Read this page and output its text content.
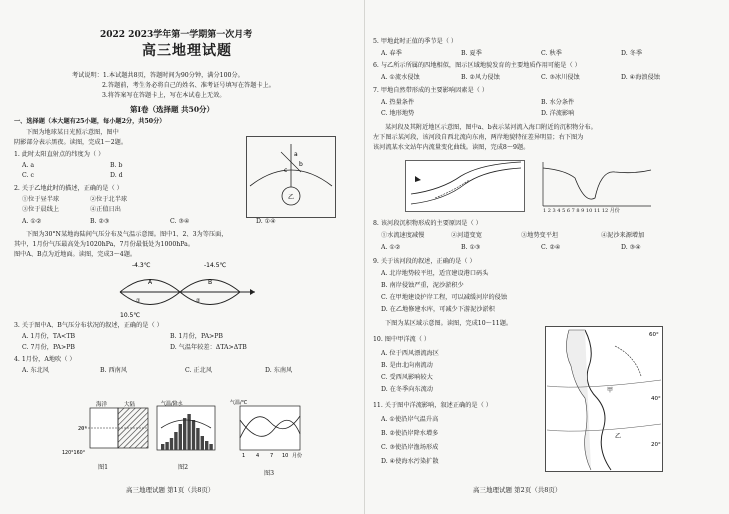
2022 2023学年第一学期第一次月考
高三地理试题
考试说明：1.本试题共8页，答题时间为90分钟，满分100分。
2.答题前，考生务必将自己的姓名、准考证号填写在答题卡上。
3.将答案写在答题卡上，写在本试卷上无效。
第Ⅰ卷（选择题 共50分）
一、选择题（本大题有25小题，每小题2分，共50分）
下图为地球某日光照示意图，图中
阴影部分表示黑夜。读图，完成1～2题。
1. 此时太阳直射点的纬度为（ ）
A. a	B. b
C. c	D. d
2. 关于乙地此时的描述，正确的是（ ）
①位于昼半球	②位于北半球
③位于晨线上	④正值日出
A. ①②	B. ②③	C. ③④	D. ①④
a
b
c
乙
下图为30°N某地海陆间气压分布及气温示意图。图中1、2、3为等压面，
其中，1月份气压最高处为1020hPa，7月份最低处为1000hPa。
图中A、B点为近地面。读图，完成3～4题。
A	B
①	②
-4.3℃	-14.5℃
10.5℃
3. 关于图中A、B气压分布状况的叙述，正确的是（ ）
A. 1月份，TA<TB	B. 1月份，PA>PB
C. 7月份，PA>PB	D. 气温年较差：ΔTA>ΔTB
4. 1月份，A地吹（ ）
A. 东北风	B. 西南风	C. 正北风	D. 东南风
海洋	大陆
20°
120°160°
气温/降水	气温/℃
1 4 7 10 月份
图1	图2
图3
高三地理试题 第1页（共8页）
5. 甲地此时正值的季节是（ ）
A. 春季	B. 夏季	C. 秋季	D. 冬季
6. 与乙所示所属的四地相似，图示区域地貌发育的主要地质作用可能是（ ）
A. ①流水侵蚀	B. ②风力侵蚀	C. ③冰川侵蚀	D. ④海浪侵蚀
7. 甲地自然带形成的主要影响因素是（ ）
A. 热量条件	B. 水分条件
C. 地形地势	D. 洋流影响
某河段及其附近地区示意图，图中a、b表示某河流入海口附近的沉积物分布。
左下图示某河段，该河段自西北流向东南，两岸地貌特征差异明显；右下图为
该河流某水文站年内流量变化曲线。读图，完成8～9题。
1 2 3 4 5 6 7 8 9 10 11 12 月份
8. 该河段沉积物形成的主要原因是（ ）
①水流速度减慢	②河道变宽	③地势变平坦	④泥沙来源增加
A. ①②	B. ①③	C. ②④	D. ③④
9. 关于该河段的叙述，正确的是（ ）
A. 北岸地势较平坦，适宜建设港口码头
B. 南岸侵蚀严重，泥沙淤积少
C. 在甲地建设护岸工程，可以减缓河岸的侵蚀
D. 在乙地修建水库，可减少下游泥沙淤积
下图为某区域示意图。读图，完成10～11题。
10. 图中甲洋流（ ）
A. 位于西风漂流海区
B. 是由北向南流动
C. 受西风影响较大
D. 在冬季向东流动
11. 关于图中洋流影响，叙述正确的是（ ）
A. ①使沿岸气温升高
B. ②使沿岸降水增多
C. ③使沿岸渔场形成
D. ④使海水污染扩散
60°
40°
20°
甲
乙
高三地理试题 第2页（共8页）
